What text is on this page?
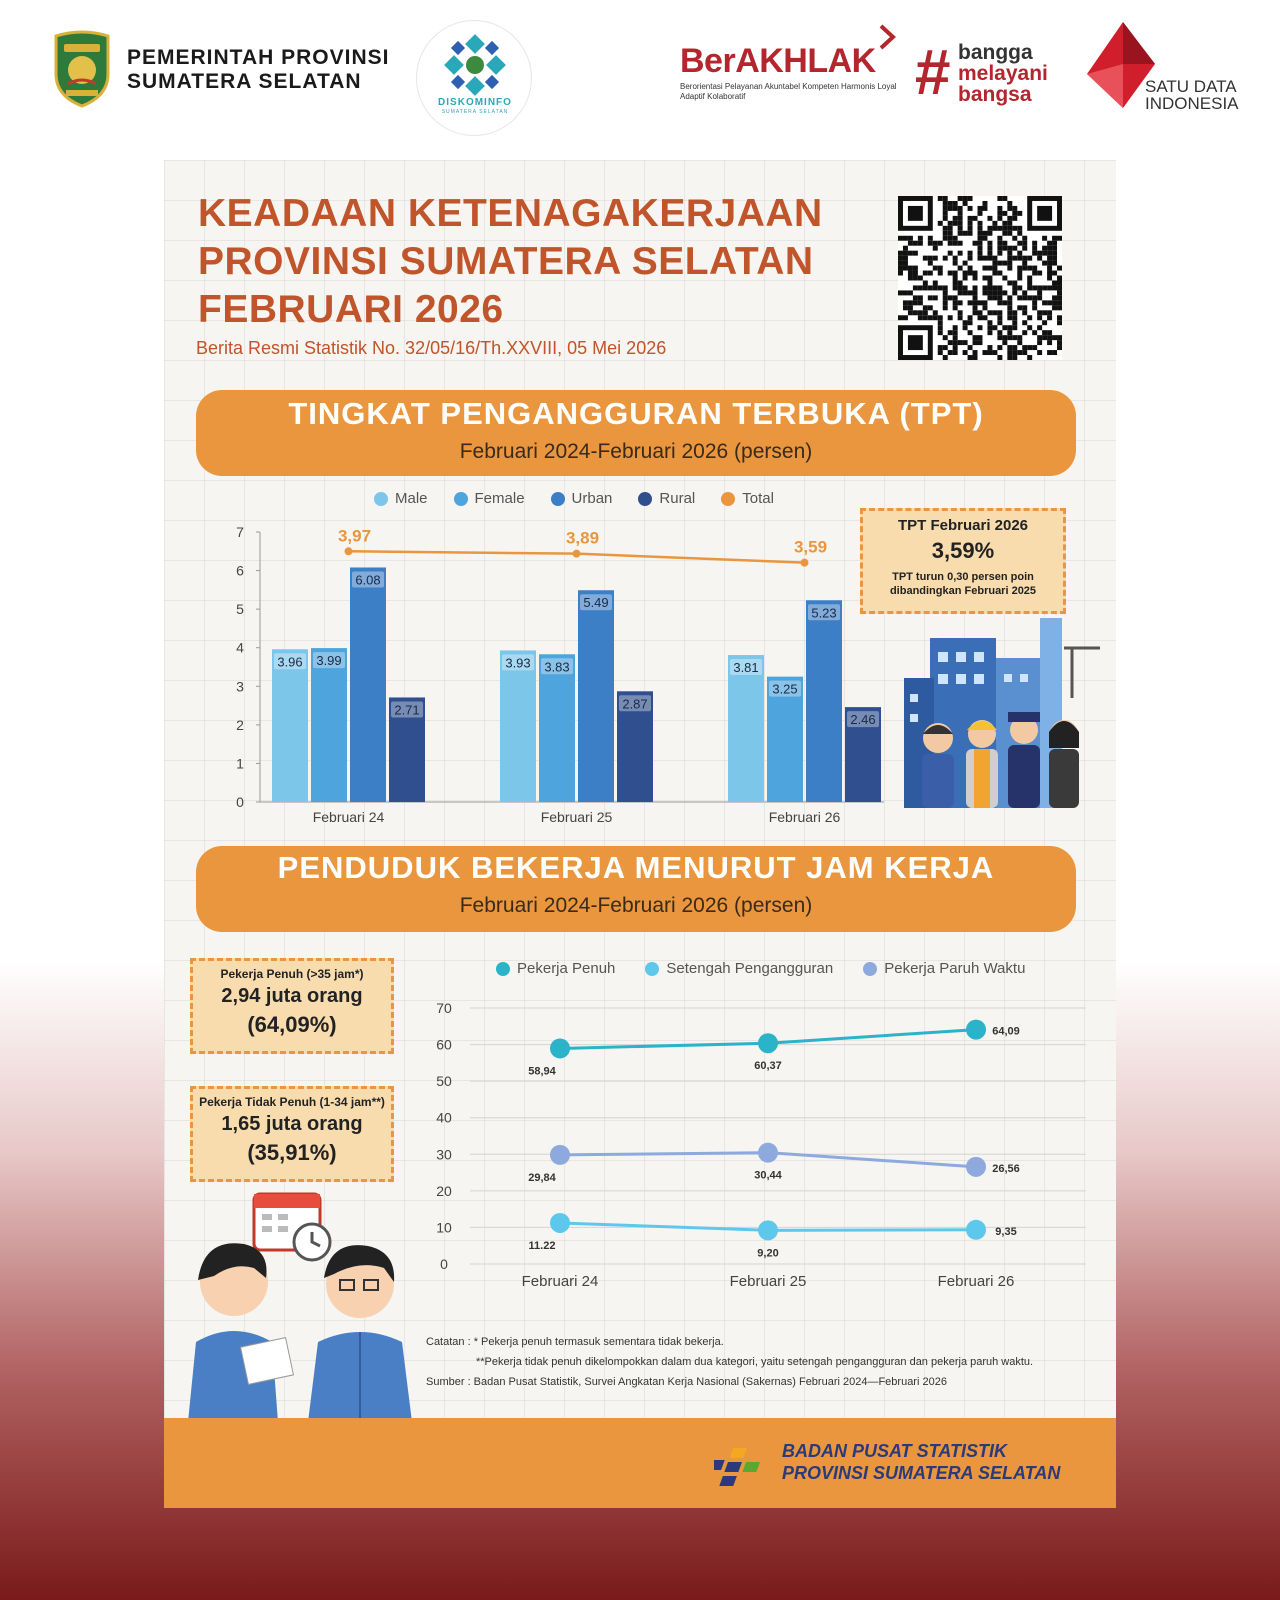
PEMERINTAH PROVINSI
SUMATERA SELATAN
DISKOMINFO
SUMATERA SELATAN
BerAKHLAK
Berorientasi Pelayanan Akuntabel Kompeten Harmonis Loyal Adaptif Kolaboratif	# bangga
melayani
bangsa	SATU DATA
INDONESIA
KEADAAN KETENAGAKERJAAN
PROVINSI SUMATERA SELATAN
FEBRUARI 2026
Berita Resmi Statistik No. 32/05/16/Th.XXVIII, 05 Mei 2026
TINGKAT PENGANGGURAN TERBUKA (TPT)
Februari 2024-Februari 2026 (persen)
Male	Female	Urban	Rural	Total
0
1
2
3
4
5
6
7
3.96 3.99
6.08
2.71
Februari 24
3.93 3.83
5.49
2.87
Februari 25
3.81
3.25
5.23
2.46
Februari 26
3,97	3,89	3,59
TPT Februari 2026
3,59%
TPT turun 0,30 persen poin
dibandingkan Februari 2025
PENDUDUK BEKERJA MENURUT JAM KERJA
Februari 2024-Februari 2026 (persen)
Pekerja Penuh (>35 jam*)
2,94 juta orang
(64,09%)
Pekerja Tidak Penuh (1-34 jam**)
1,65 juta orang
(35,91%)
Pekerja Penuh	Setengah Pengangguran	Pekerja Paruh Waktu
0
10
20
30
40
50
60
70
Februari 24	Februari 25	Februari 26
58,94	60,37
64,09
11.22
9,20
9,35
29,84	30,44
26,56
Catatan : * Pekerja penuh termasuk sementara tidak bekerja.
**Pekerja tidak penuh dikelompokkan dalam dua kategori, yaitu setengah pengangguran dan pekerja paruh waktu.
Sumber : Badan Pusat Statistik, Survei Angkatan Kerja Nasional (Sakernas) Februari 2024—Februari 2026
BADAN PUSAT STATISTIK
PROVINSI SUMATERA SELATAN
